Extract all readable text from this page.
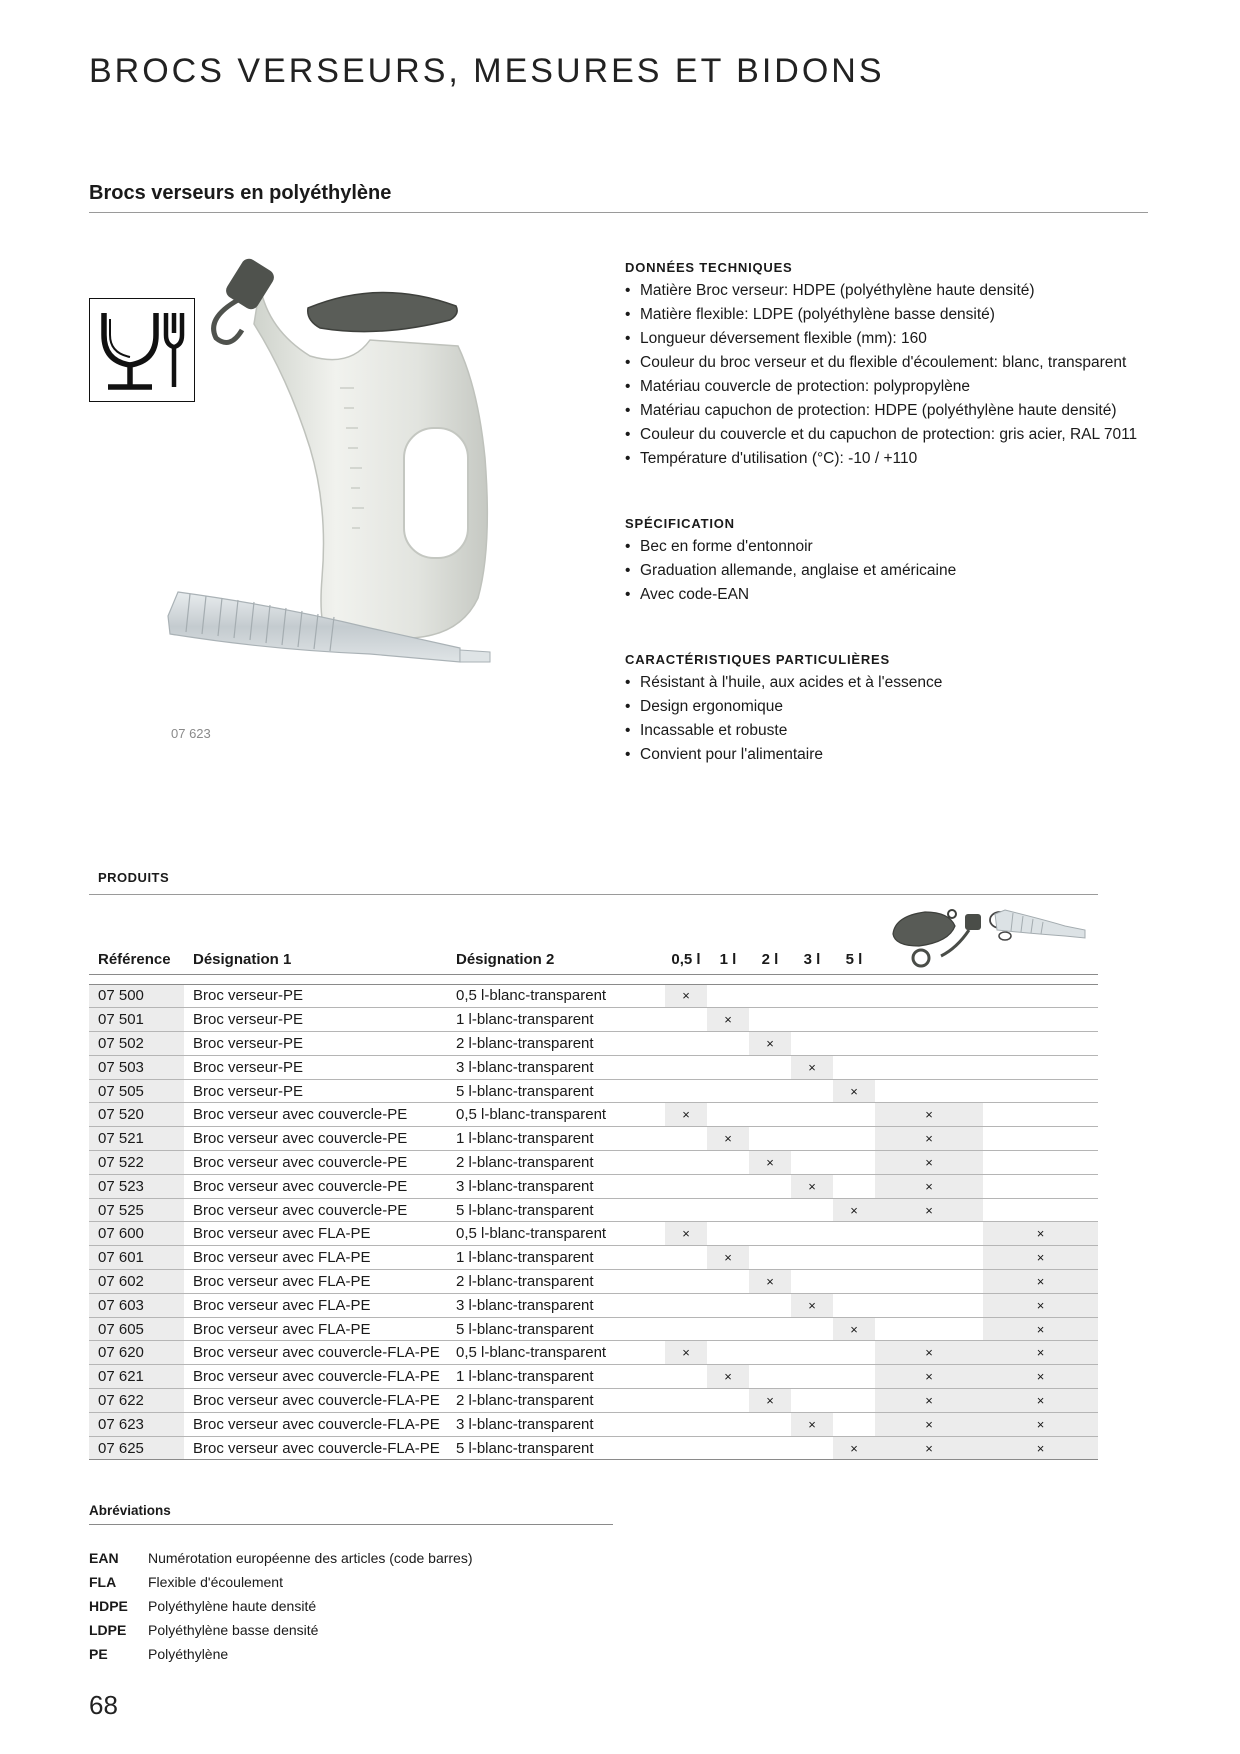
BROCS VERSEURS, MESURES ET BIDONS
Brocs verseurs en polyéthylène
07 623
DONNÉES TECHNIQUES
• Matière Broc verseur: HDPE (polyéthylène haute densité)
• Matière flexible: LDPE (polyéthylène basse densité)
• Longueur déversement flexible (mm): 160
• Couleur du broc verseur et du flexible d'écoulement: blanc, transparent
• Matériau couvercle de protection: polypropylène
• Matériau capuchon de protection: HDPE (polyéthylène haute densité)
• Couleur du couvercle et du capuchon de protection: gris acier, RAL 7011
• Température d'utilisation (°C): -10 / +110
SPÉCIFICATION
• Bec en forme d'entonnoir
• Graduation allemande, anglaise et américaine
• Avec code-EAN
CARACTÉRISTIQUES PARTICULIÈRES
• Résistant à l'huile, aux acides et à l'essence
• Design ergonomique
• Incassable et robuste
• Convient pour l'alimentaire
PRODUITS
Référence	Désignation 1	Désignation 2	0,5 l	1 l	2 l	3 l	5 l		

07 500	Broc verseur-PE	0,5 l-blanc-transparent	×						
07 501	Broc verseur-PE	1 l-blanc-transparent		×					
07 502	Broc verseur-PE	2 l-blanc-transparent			×				
07 503	Broc verseur-PE	3 l-blanc-transparent				×			
07 505	Broc verseur-PE	5 l-blanc-transparent					×		
07 520	Broc verseur avec couvercle-PE	0,5 l-blanc-transparent	×					×	
07 521	Broc verseur avec couvercle-PE	1 l-blanc-transparent		×				×	
07 522	Broc verseur avec couvercle-PE	2 l-blanc-transparent			×			×	
07 523	Broc verseur avec couvercle-PE	3 l-blanc-transparent				×		×	
07 525	Broc verseur avec couvercle-PE	5 l-blanc-transparent					×	×	
07 600	Broc verseur avec FLA-PE	0,5 l-blanc-transparent	×						×
07 601	Broc verseur avec FLA-PE	1 l-blanc-transparent		×					×
07 602	Broc verseur avec FLA-PE	2 l-blanc-transparent			×				×
07 603	Broc verseur avec FLA-PE	3 l-blanc-transparent				×			×
07 605	Broc verseur avec FLA-PE	5 l-blanc-transparent					×		×
07 620	Broc verseur avec couvercle-FLA-PE	0,5 l-blanc-transparent	×					×	×
07 621	Broc verseur avec couvercle-FLA-PE	1 l-blanc-transparent		×				×	×
07 622	Broc verseur avec couvercle-FLA-PE	2 l-blanc-transparent			×			×	×
07 623	Broc verseur avec couvercle-FLA-PE	3 l-blanc-transparent				×		×	×
07 625	Broc verseur avec couvercle-FLA-PE	5 l-blanc-transparent					×	×	×
Abréviations
EAN	Numérotation européenne des articles (code barres)
FLA	Flexible d'écoulement
HDPE	Polyéthylène haute densité
LDPE	Polyéthylène basse densité
PE	Polyéthylène
68
